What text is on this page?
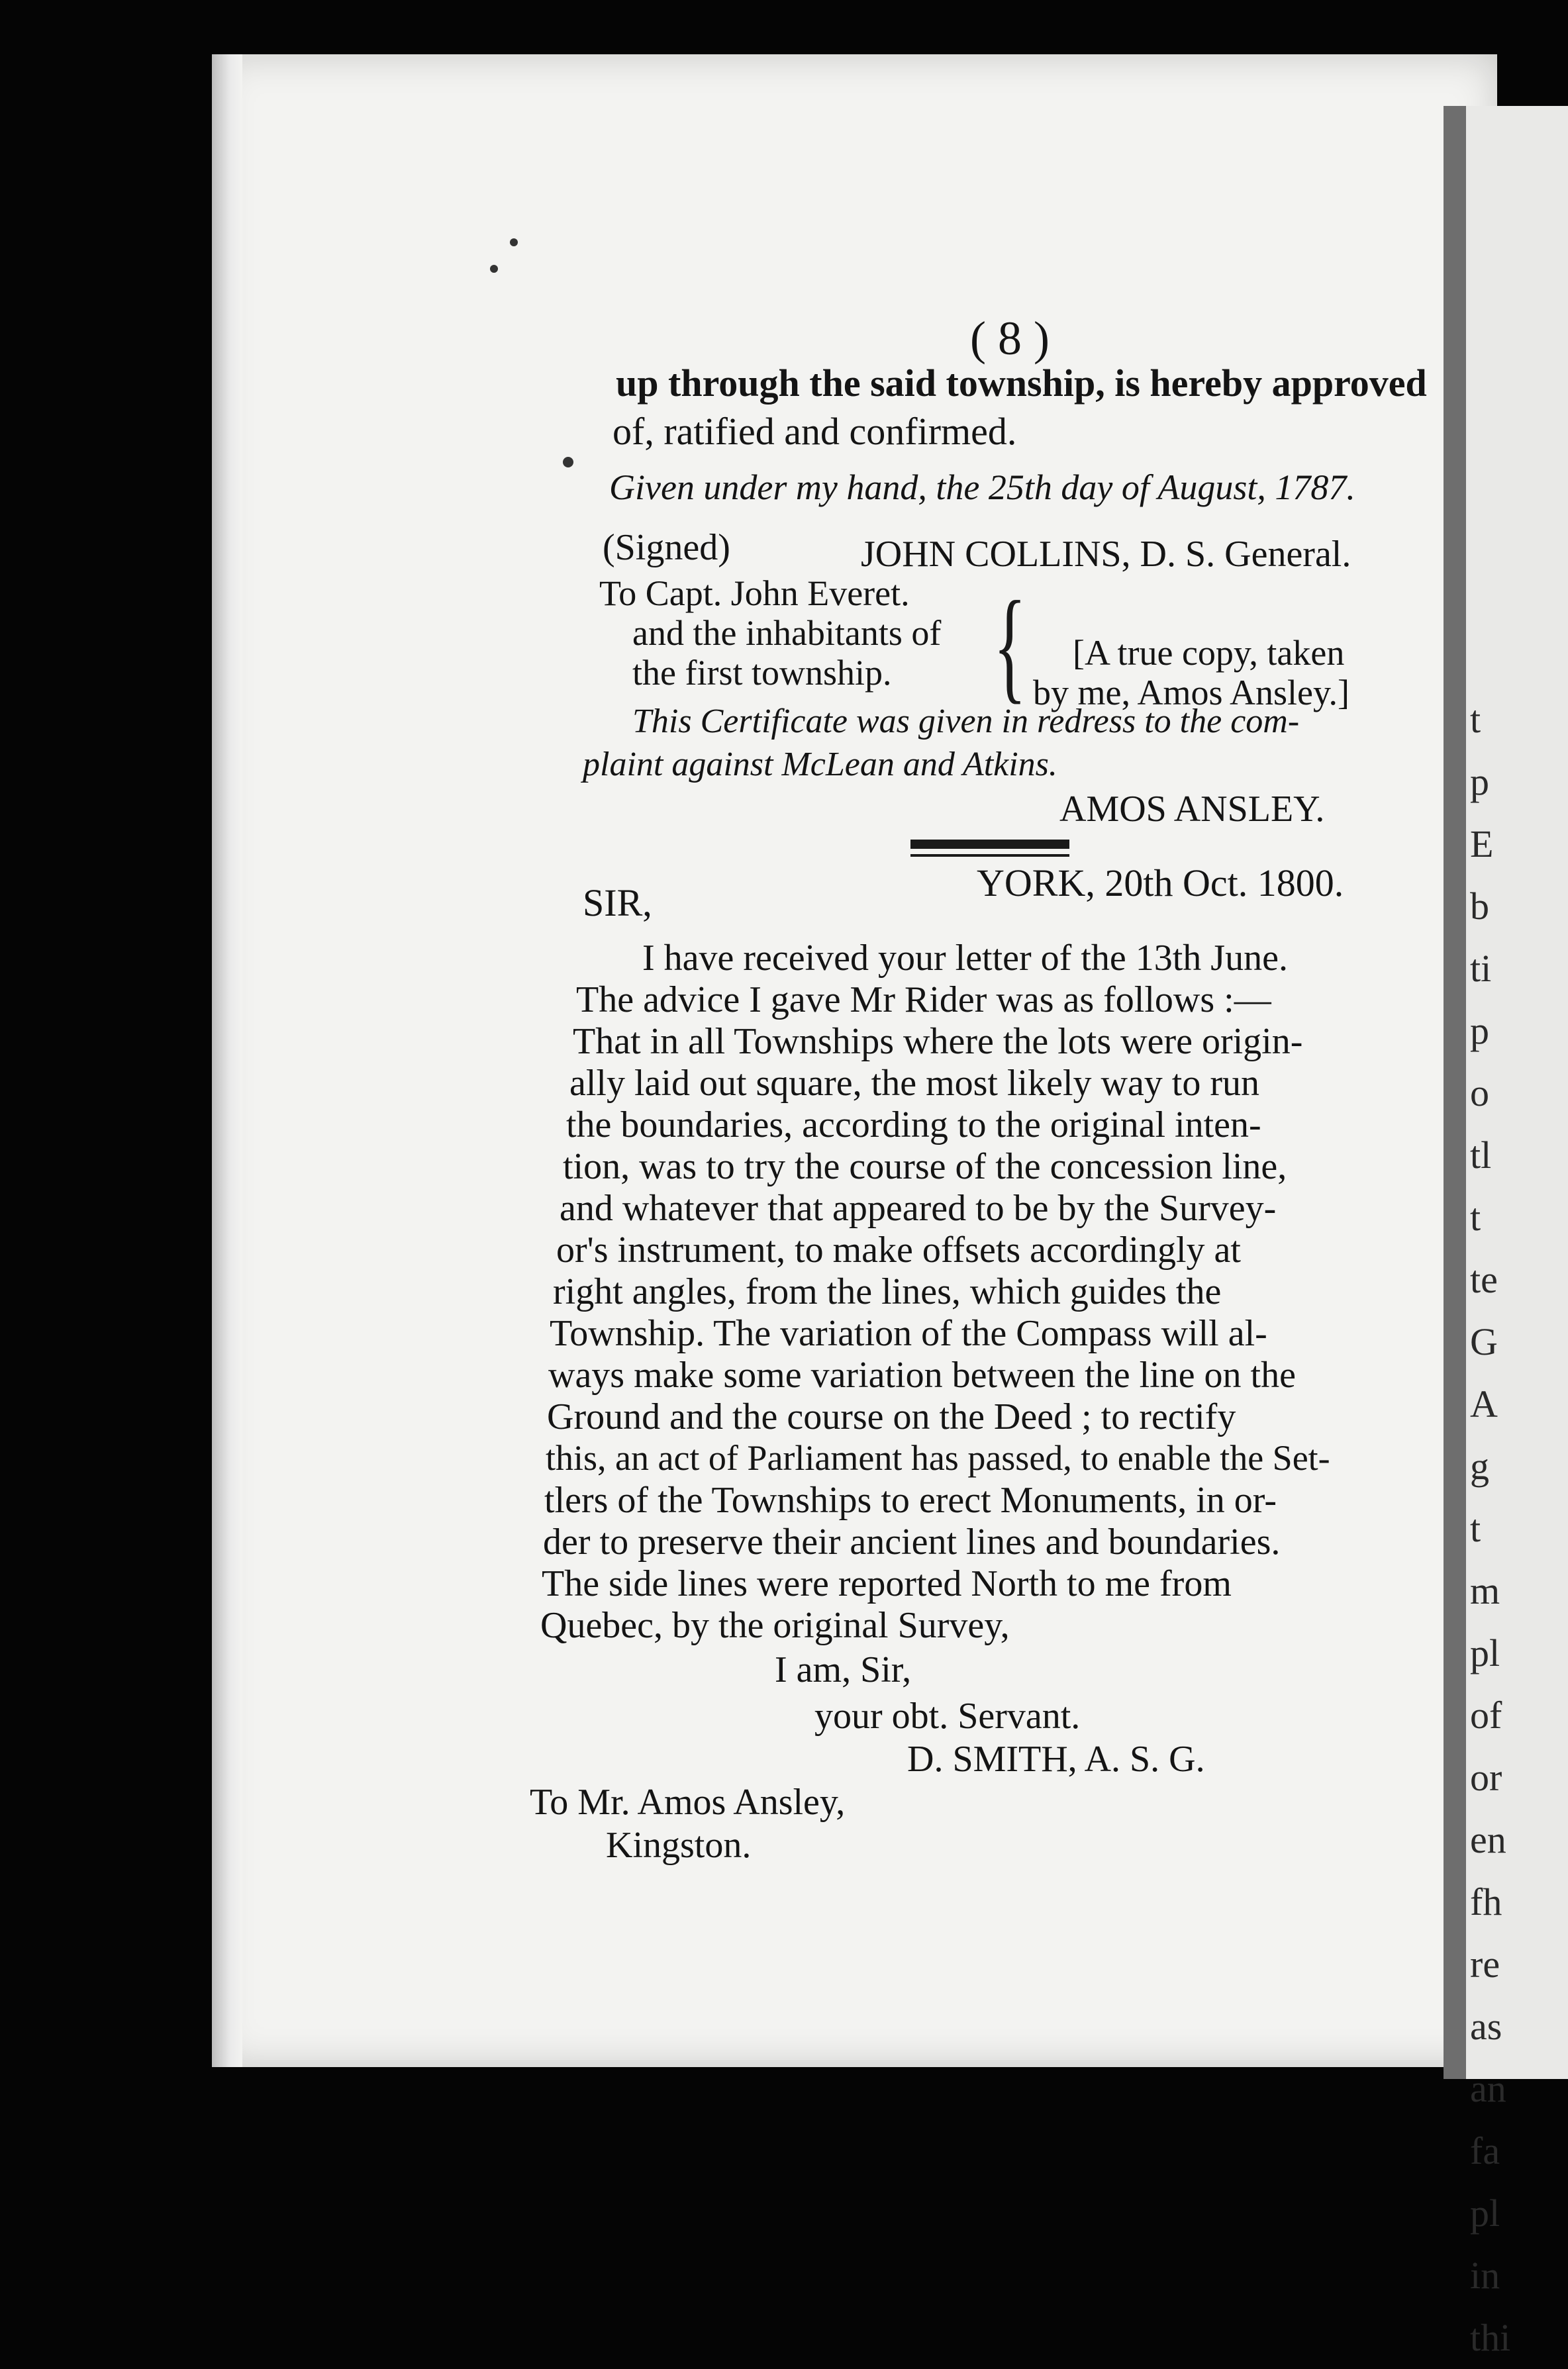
t
p
E
b
ti
p
o
tl
t
te
G
A
g
t
m
pl
of
or
en
fh
re
as
an
fa
pl
in
thi
( 8 )
up through the said township, is hereby approved
of, ratified and confirmed.
Given under my hand, the 25th day of August, 1787.
(Signed)	JOHN COLLINS, D. S. General.
To Capt. John Everet.
and the inhabitants of
the first township. { [A true copy, taken
by me, Amos Ansley.]
This Certificate was given in redress to the com-
plaint against McLean and Atkins.
AMOS ANSLEY.
YORK, 20th Oct. 1800.
SIR,
I have received your letter of the 13th June.
The advice I gave Mr Rider was as follows :—
That in all Townships where the lots were origin-
ally laid out square, the most likely way to run
the boundaries, according to the original inten-
tion, was to try the course of the concession line,
and whatever that appeared to be by the Survey-
or's instrument, to make offsets accordingly at
right angles, from the lines, which guides the
Township. The variation of the Compass will al-
ways make some variation between the line on the
Ground and the course on the Deed ; to rectify
this, an act of Parliament has passed, to enable the Set-
tlers of the Townships to erect Monuments, in or-
der to preserve their ancient lines and boundaries.
The side lines were reported North to me from
Quebec, by the original Survey,
I am, Sir,
your obt. Servant.
D. SMITH, A. S. G.
To Mr. Amos Ansley,
Kingston.
